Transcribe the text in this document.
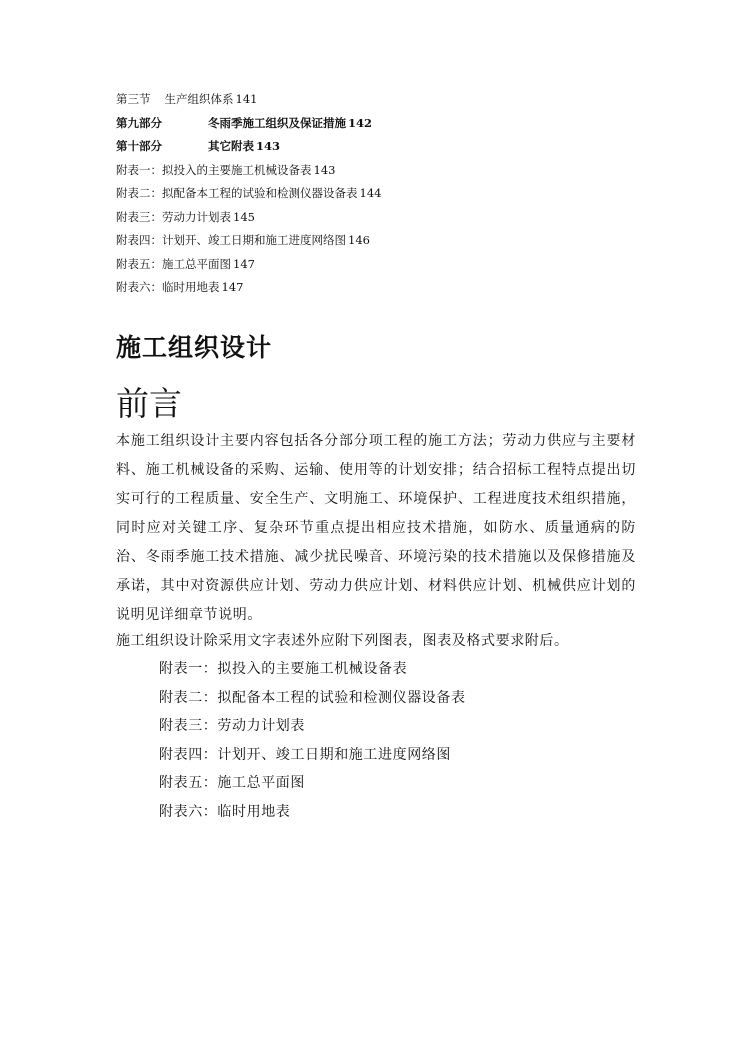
第三节 生产组织体系 141
第九部分	冬雨季施工组织及保证措施 142
第十部分	其它附表 143
附表一：拟投入的主要施工机械设备表 143
附表二：拟配备本工程的试验和检测仪器设备表 144
附表三：劳动力计划表 145
附表四：计划开、竣工日期和施工进度网络图 146
附表五：施工总平面图 147
附表六：临时用地表 147
施工组织设计
前言

本施工组织设计主要内容包括各分部分项工程的施工方法；劳动力供应与主要材料、施工机械设备的采购、运输、使用等的计划安排；结合招标工程特点提出切实可行的工程质量、安全生产、文明施工、环境保护、工程进度技术组织措施，同时应对关键工序、复杂环节重点提出相应技术措施，如防水、质量通病的防治、冬雨季施工技术措施、减少扰民噪音、环境污染的技术措施以及保修措施及承诺，其中对资源供应计划、劳动力供应计划、材料供应计划、机械供应计划的说明见详细章节说明。

施工组织设计除采用文字表述外应附下列图表，图表及格式要求附后。

附表一：拟投入的主要施工机械设备表
附表二：拟配备本工程的试验和检测仪器设备表
附表三：劳动力计划表
附表四：计划开、竣工日期和施工进度网络图
附表五：施工总平面图
附表六：临时用地表
